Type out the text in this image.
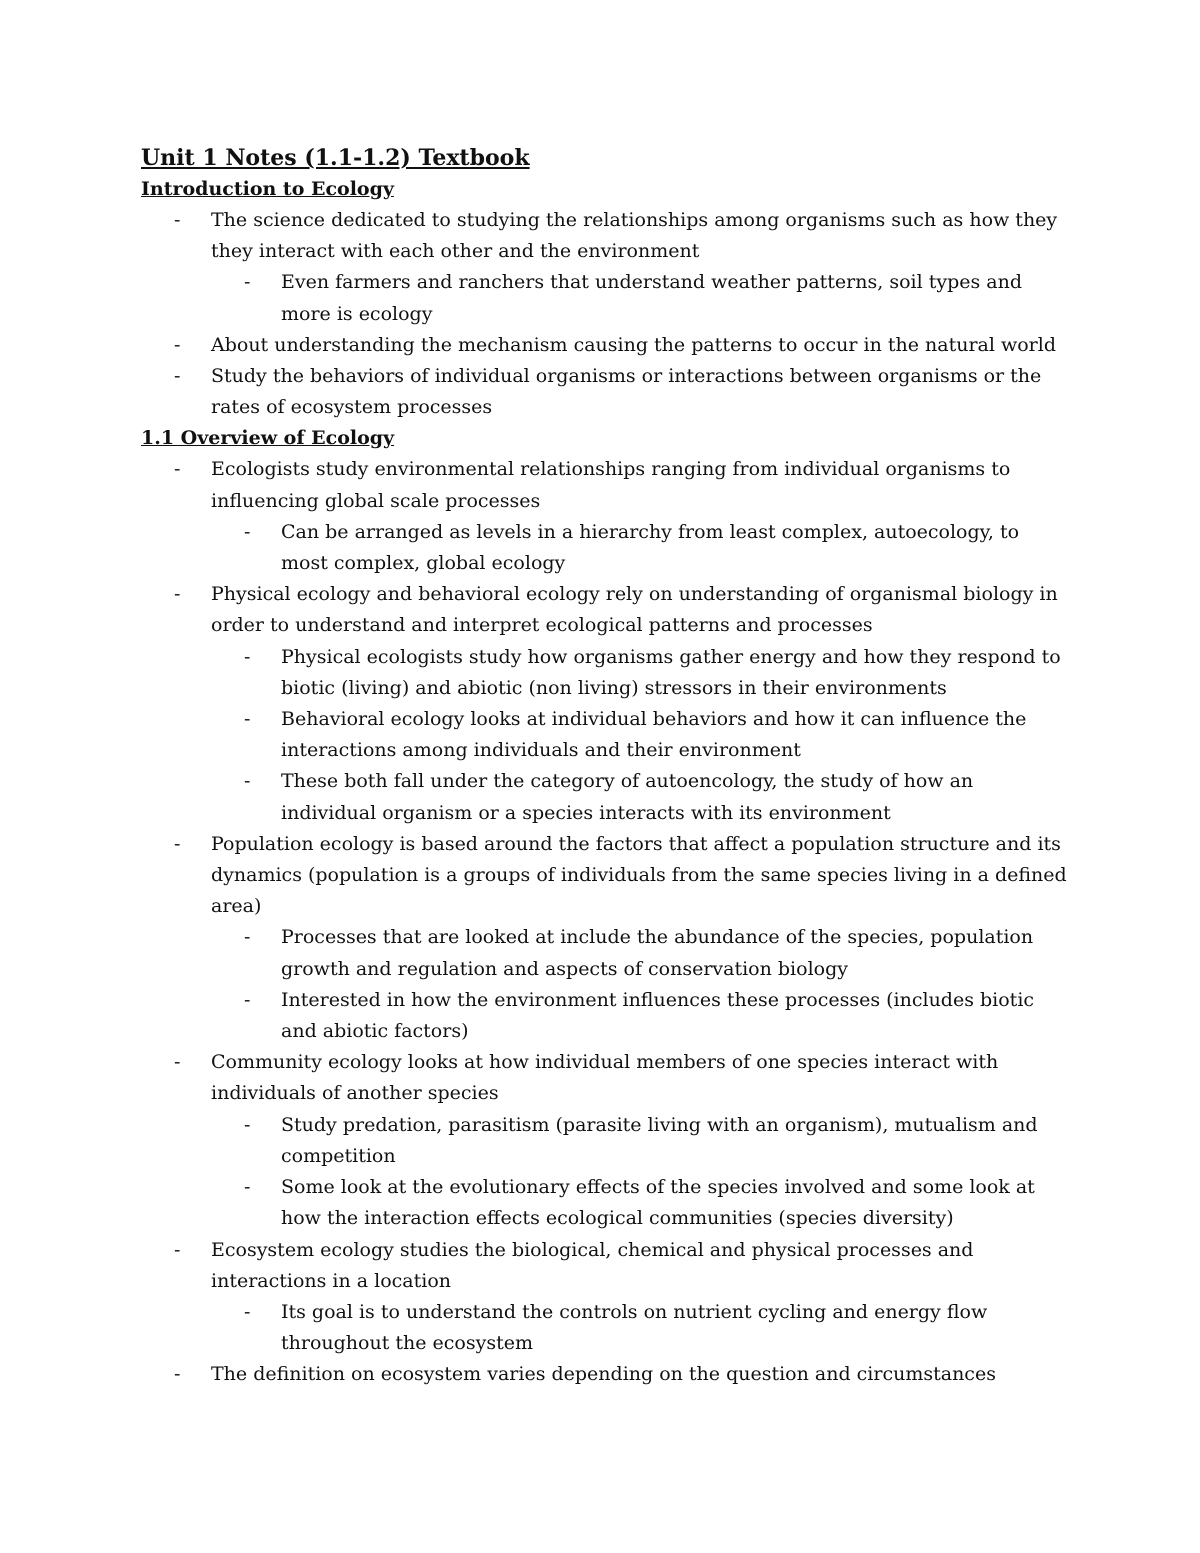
Unit 1 Notes (1.1-1.2) Textbook
Introduction to Ecology
- The science dedicated to studying the relationships among organisms such as how they they interact with each other and the environment
- Even farmers and ranchers that understand weather patterns, soil types and more is ecology
- About understanding the mechanism causing the patterns to occur in the natural world
- Study the behaviors of individual organisms or interactions between organisms or the rates of ecosystem processes
1.1 Overview of Ecology
- Ecologists study environmental relationships ranging from individual organisms to influencing global scale processes
- Can be arranged as levels in a hierarchy from least complex, autoecology, to most complex, global ecology
- Physical ecology and behavioral ecology rely on understanding of organismal biology in order to understand and interpret ecological patterns and processes
- Physical ecologists study how organisms gather energy and how they respond to biotic (living) and abiotic (non living) stressors in their environments
- Behavioral ecology looks at individual behaviors and how it can influence the interactions among individuals and their environment
- These both fall under the category of autoencology, the study of how an individual organism or a species interacts with its environment
- Population ecology is based around the factors that affect a population structure and its dynamics (population is a groups of individuals from the same species living in a defined area)
- Processes that are looked at include the abundance of the species, population growth and regulation and aspects of conservation biology
- Interested in how the environment influences these processes (includes biotic and abiotic factors)
- Community ecology looks at how individual members of one species interact with individuals of another species
- Study predation, parasitism (parasite living with an organism), mutualism and competition
- Some look at the evolutionary effects of the species involved and some look at how the interaction effects ecological communities (species diversity)
- Ecosystem ecology studies the biological, chemical and physical processes and interactions in a location
- Its goal is to understand the controls on nutrient cycling and energy flow throughout the ecosystem
- The definition on ecosystem varies depending on the question and circumstances
